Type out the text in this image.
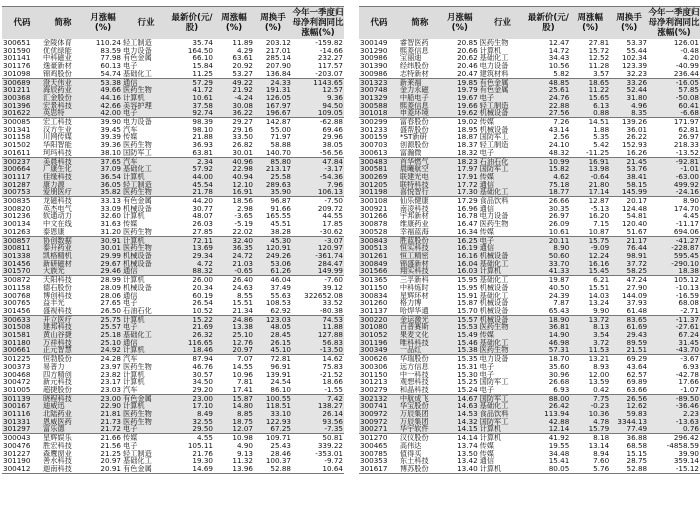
代码	简称	月涨幅(%)	行业	最新价(元/股)	周涨幅(%)	周换手(%)	今年一季度归母净利润同比涨幅(%)
300651	金陵体育	110.24	轻工制造	35.74	11.89	203.12	-159.82
301590	优优绿能	83.59	电力设备	164.50	4.29	217.01	-14.66
301141	中科磁业	77.98	有色金属	66.10	63.61	285.14	232.27
301176	逸豪新材	60.13	电子	15.84	20.92	207.90	117.57
301098	锦鸡股份	54.74	基础化工	11.25	53.27	136.84	-203.07
300689	澄天伟业	53.38	通信	57.29	49.22	24.33	1143.65
301211	海辰药业	49.66	医药生物	41.72	21.92	191.31	12.57
300368	汇金股份	44.16	计算机	10.61	-4.24	126.05	9.36
301396	宏景科技	42.66	美容护理	37.58	30.08	167.97	94.50
301622	英思特	42.00	电子	92.74	36.22	196.67	109.05
300085	宏工科技	39.90	电力设备	98.39	29.27	142.87	-62.88
301341	汉方生业	39.45	汽车	98.10	29.16	55.00	69.46
301158	川网传媒	39.39	传媒	21.88	33.50	71.97	29.96
301502	华阳智能	39.36	医药生物	36.93	26.82	58.88	38.05
301611	珂玛科技	38.10	国防军工	63.81	30.01	140.70	-56.56
300237	美晨科技	37.65	汽车	2.34	40.96	85.80	47.84
300664	广康生化	37.09	基础化工	57.92	22.98	213.17	-3.17
301117	佳缘科技	36.54	计算机	44.00	40.94	25.58	-54.36
301287	康力源	36.05	轻工制造	45.54	12.10	289.63	7.96
300753	爱朋医疗	35.82	医药生物	21.78	16.91	35.90	106.13
300835	龙磁科技	33.13	有色金属	44.20	18.56	96.87	-7.50
300820	英杰电气	33.09	机械设备	30.77	2.98	91.66	209.72
301236	软通动力	32.60	计算机	48.07	-3.65	165.55	44.55
300134	中文在线	31.63	传媒	26.03	-5.19	45.51	17.85
301263	泰恩康	31.20	医药生物	27.85	22.02	38.28	-30.62
300857	协创数据	30.91	计算机	72.11	32.40	45.30	-3.07
300811	泰升药业	30.01	医药生物	13.69	36.35	120.91	120.97
301338	凯格精机	29.99	机械设备	29.34	24.72	249.26	-361.74
301456	新研磁材	29.67	机械设备	4.72	21.03	53.06	284.47
301570	大族光	29.46	通信	88.32	-0.65	61.26	149.99
300872	天阳科技	28.99	计算机	26.00	26.40	46.04	-7.60
301158	德石股份	28.09	机械设备	20.34	24.63	37.49	39.12
300768	博创科技	28.06	通信	60.19	8.55	55.63	322652.08
300765	益丰光	27.65	电子	26.54	15.51	108.53	33.52
301456	盛视科技	26.50	石油石化	10.52	21.34	62.92	-80.38
300633	开立医疗	25.75	计算机	15.22	24.86	123.03	74.53
301508	建邦科技	25.57	电子	21.69	13.38	48.05	11.88
301581	黄山谷捷	25.18	基础化工	26.32	25.10	28.45	127.88
301180	万祥科技	25.10	通信	116.65	12.76	26.15	56.83
300661	正元智慧	24.92	计算机	18.46	20.97	45.10	-13.50
301225	恒勃股份	24.28	汽车	87.94	7.07	72.81	14.62
300373	易普力	23.97	医药生物	46.76	14.55	96.91	75.83
300468	四方精创	23.82	计算机	30.57	10.96	139.91	-21.52
300472	新元科技	23.17	计算机	34.50	7.81	24.54	18.66
301005	超捷股份	23.03	汽车	29.20	17.41	86.10	-1.55
301139	晓程科技	23.00	有色金属	23.00	15.87	100.55	7.42
300167	迪威迅	22.90	计算机	17.10	14.80	118.51	138.27
301116	北陆药业	21.81	医药生物	8.49	8.85	33.10	26.14
301331	恩威医药	21.73	医药生物	32.55	18.75	122.93	93.56
301297	富乐德	21.72	电子	29.50	12.07	67.25	-7.35
300043	星辉娱乐	21.66	传媒	4.55	10.98	109.71	50.81
300476	胜宏科技	21.56	电子	105.11	4.90	25.43	339.22
301227	森鹰窗业	21.25	轻工制造	21.76	9.13	28.46	-353.01
301190	善水科技	20.97	基础化工	19.30	11.32	100.37	-9.72
300412	迦南科技	20.91	有色金属	14.69	13.96	52.88	10.64
代码	简称	月涨幅(%)	行业	最新价(元/股)	周涨幅(%)	周换手(%)	今年一季度归母净利润同比涨幅(%)
300149	睿智医药	20.85	医药生物	12.47	27.81	53.37	126.01
301290	熙菱信息	20.66	计算机	14.72	15.72	55.44	-0.48
300986	宝丽迪	20.62	基础化工	34.43	12.52	102.34	4.20
301390	经纬股份	20.46	电力设备	10.56	11.28	123.39	-40.99
300986	志特新材	20.47	建筑材料	5.82	3.57	32.23	236.44
301323	新莱福	19.85	有色金属	48.85	18.65	33.26	-16.05
300748	金力永磁	19.79	有色金属	25.61	11.22	52.44	57.85
301329	中船电子	19.67	电子	24.76	15.65	31.80	-50.08
300588	熙菱信息	19.66	轻工制造	22.88	6.13	4.96	60.41
301018	申菱环境	19.62	机械设备	27.56	0.88	8.35	-6.68
300299	富春股份	19.02	传媒	7.26	14.51	139.26	171.97
301233	盛帮股份	18.95	机械设备	43.14	1.88	36.01	62.81
300159	*ST新研	18.87	国防军工	2.56	5.35	26.22	26.97
300703	创源股份	18.37	轻工制造	24.10	5.42	152.93	218.33
300613	富瀚微	18.32	电子	48.32	-11.25	16.26	-13.52
300483	首华燃气	18.23	石油石化	10.99	16.91	21.45	-92.81
300581	晨曦航空	17.97	国防军工	15.82	13.98	53.76	-1.01
300269	联建光电	17.91	传媒	4.62	-0.64	38.41	-63.00
301205	联特科技	17.72	通信	75.18	21.80	58.15	499.92
301198	喜悦智行	17.30	基础化工	18.77	17.14	145.99	-24.16
300108	仙乐健康	17.29	食品饮料	26.66	12.87	20.17	8.90
300921	南凌科技	16.96	通信	30.35	-5.13	124.48	174.70
301266	宇邦新材	16.78	电力设备	26.97	16.20	54.81	4.45
300878	维康药业	16.47	医药生物	26.09	7.15	120.40	-11.17
300528	幸福蓝海	16.34	传媒	10.61	10.87	51.67	694.06
300843	胜蓝股份	16.25	电子	20.11	15.75	21.17	-41.27
300513	恒实科技	16.19	通信	8.90	-9.09	76.44	-228.87
301261	恒工精密	16.16	机械设备	50.60	12.24	98.91	595.45
300849	锦盛新材	16.04	基础化工	33.70	16.16	37.72	-290.10
301566	翔实科技	16.03	计算机	41.33	15.45	58.25	18.38
301365	三孚新科	15.95	基础化工	19.87	6.21	47.24	105.12
301150	中科炼时	15.95	机械设备	40.50	15.51	27.90	-10.13
300834	星辉环材	15.91	基础化工	24.39	14.03	144.09	-16.59
301260	格力博	15.87	机械设备	7.87	13.24	37.93	68.08
301137	哈焊华通	15.70	机械设备	65.43	9.90	61.48	-2.71
300220	金运激光	15.57	机械设备	18.90	13.72	83.65	-11.37
301080	百普赛斯	15.53	医药生物	36.81	8.13	61.69	-27.61
301052	果麦文化	15.49	传媒	14.90	3.54	29.43	67.24
301196	唯科科技	15.46	基础化工	46.98	3.72	89.59	31.45
300349	一品红	15.38	医药生物	57.31	11.53	21.51	-43.70
300626	华瑞股份	15.35	电力设备	18.70	13.21	69.29	-3.67
300306	远方信息	15.31	电子	35.60	8.93	43.64	6.93
301150	中一科技	15.30	电子	30.96	12.00	62.57	-42.78
301213	观想科技	15.25	国防军工	26.68	13.59	69.89	17.66
300279	和晶科技	15.24	电子	6.93	0.42	63.66	-1.07
302132	中航成飞	14.67	国防军工	88.00	7.75	26.56	-89.50
300741	华宝股份	14.63	基础化工	26.42	-0.23	12.62	-36.46
300972	万辰集团	14.53	食品饮料	113.94	10.36	59.83	2.23
300972	万辰集团	14.32	国防军工	42.88	4.78	3344.13	-13.63
300271	华宇软件	14.15	计算机	12.14	15.79	77.49	0.76
301270	汉仪股份	14.14	计算机	41.92	8.18	36.88	296.42
300465	高伟达	13.74	传媒	19.55	13.14	68.58	-4858.59
300785	值得买	13.50	传媒	34.48	8.94	15.15	39.90
300353	东土科技	13.42	通信	15.41	7.60	28.75	359.14
301617	博苏股份	13.40	计算机	80.05	5.76	52.88	-15.12
